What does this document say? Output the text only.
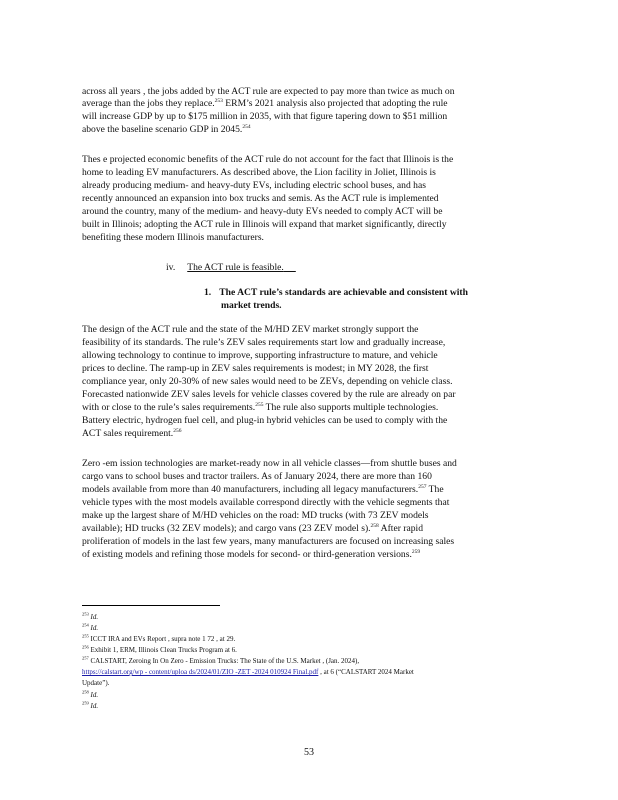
across all years , the jobs added by the ACT rule are expected to pay more than twice as much on
average than the jobs they replace.$^{253}$ ERM’s 2021 analysis also projected that adopting the rule
will increase GDP by up to $175 million in 2035, with that figure tapering down to $51 million
above the baseline scenario GDP in 2045.$^{254}$
Thes e projected economic benefits of the ACT rule do not account for the fact that Illinois is the
home to leading EV manufacturers. As described above, the Lion facility in Joliet, Illinois is
already producing medium- and heavy-duty EVs, including electric school buses, and has
recently announced an expansion into box trucks and semis. As the ACT rule is implemented
around the country, many of the medium- and heavy-duty EVs needed to comply ACT will be
built in Illinois; adopting the ACT rule in Illinois will expand that market significantly, directly
benefiting these modern Illinois manufacturers.
iv. The ACT rule is feasible.
1. The ACT rule’s standards are achievable and consistent with
market trends.
The design of the ACT rule and the state of the M/HD ZEV market strongly support the
feasibility of its standards. The rule’s ZEV sales requirements start low and gradually increase,
allowing technology to continue to improve, supporting infrastructure to mature, and vehicle
prices to decline. The ramp-up in ZEV sales requirements is modest; in MY 2028, the first
compliance year, only 20-30% of new sales would need to be ZEVs, depending on vehicle class.
Forecasted nationwide ZEV sales levels for vehicle classes covered by the rule are already on par
with or close to the rule’s sales requirements.$^{255}$ The rule also supports multiple technologies.
Battery electric, hydrogen fuel cell, and plug-in hybrid vehicles can be used to comply with the
ACT sales requirement.$^{256}$
Zero -em ission technologies are market-ready now in all vehicle classes—from shuttle buses and
cargo vans to school buses and tractor trailers. As of January 2024, there are more than 160
models available from more than 40 manufacturers, including all legacy manufacturers.$^{257}$ The
vehicle types with the most models available correspond directly with the vehicle segments that
make up the largest share of M/HD vehicles on the road: MD trucks (with 73 ZEV models
available); HD trucks (32 ZEV models); and cargo vans (23 ZEV model s).$^{258}$ After rapid
proliferation of models in the last few years, many manufacturers are focused on increasing sales
of existing models and refining those models for second- or third-generation versions.$^{259}$
$^{253}$ Id.
$^{254}$ Id.
$^{255}$ ICCT IRA and EVs Report , supra note 1 72 , at 29.
$^{256}$ Exhibit 1, ERM, Illinois Clean Trucks Program at 6.
$^{257}$ CALSTART, Zeroing In On Zero - Emission Trucks: The State of the U.S. Market , (Jan. 2024),
https://calstart.org/wp - content/uploa ds/2024/01/ZIO -ZET -2024 010924 Final.pdf , at 6 (“CALSTART 2024 Market
Update”).
$^{258}$ Id.
$^{259}$ Id.
53
